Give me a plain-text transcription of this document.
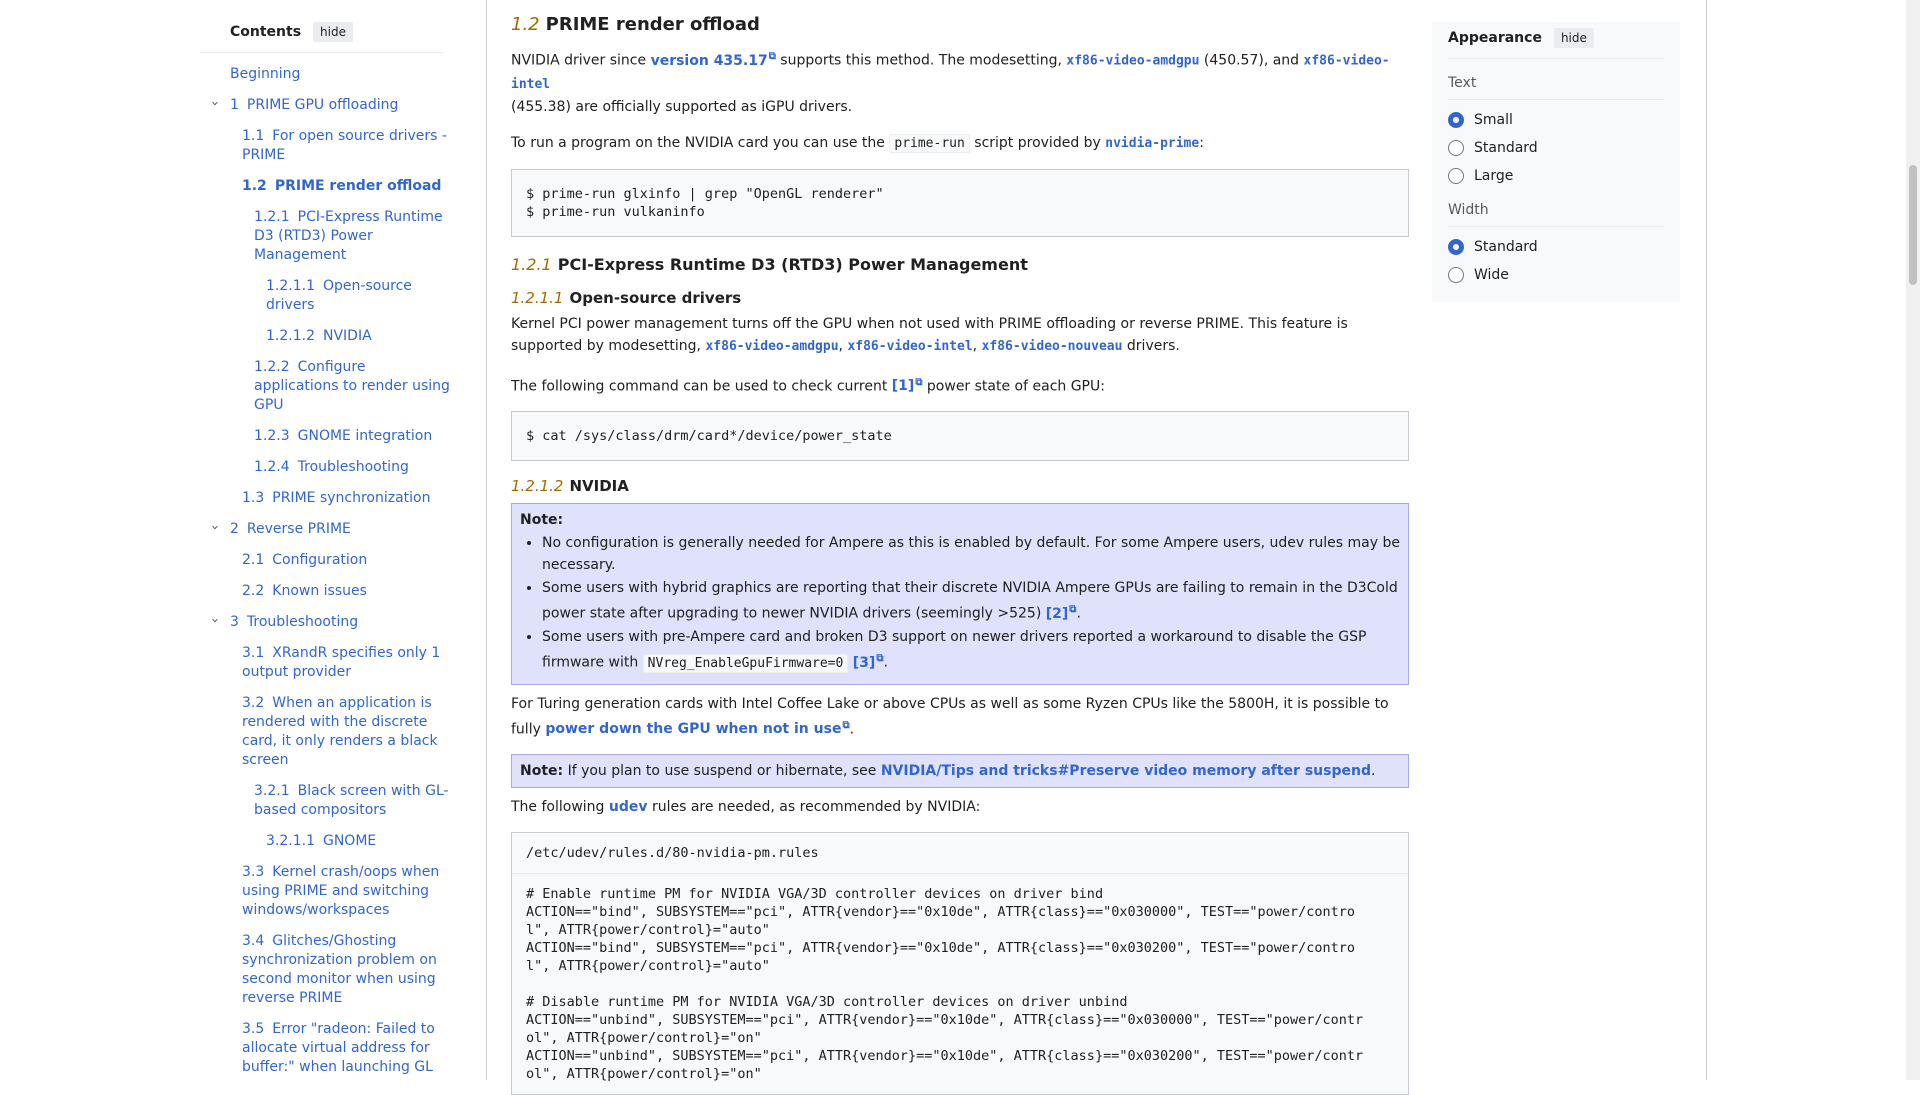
Contents	hide
Beginning
› 1 PRIME GPU offloading
1.1 For open source drivers - PRIME
1.2 PRIME render offload
1.2.1 PCI-Express Runtime D3 (RTD3) Power Management
1.2.1.1 Open-source drivers
1.2.1.2 NVIDIA
1.2.2 Configure applications to render using GPU
1.2.3 GNOME integration
1.2.4 Troubleshooting
1.3 PRIME synchronization
› 2 Reverse PRIME
2.1 Configuration
2.2 Known issues
› 3 Troubleshooting
3.1 XRandR specifies only 1 output provider
3.2 When an application is rendered with the discrete card, it only renders a black screen
3.2.1 Black screen with GL-based compositors
3.2.1.1 GNOME
3.3 Kernel crash/oops when using PRIME and switching windows/workspaces
3.4 Glitches/Ghosting synchronization problem on second monitor when using reverse PRIME
3.5 Error "radeon: Failed to allocate virtual address for buffer:" when launching GL
1.2 PRIME render offload

NVIDIA driver since version 435.17⧉ supports this method. The modesetting, xf86-video-amdgpu (450.57), and xf86-video-intel
(455.38) are officially supported as iGPU drivers.

To run a program on the NVIDIA card you can use the prime-run script provided by nvidia-prime:

$ prime-run glxinfo | grep "OpenGL renderer"
$ prime-run vulkaninfo
1.2.1 PCI-Express Runtime D3 (RTD3) Power Management
1.2.1.1 Open-source drivers

Kernel PCI power management turns off the GPU when not used with PRIME offloading or reverse PRIME. This feature is supported by modesetting, xf86-video-amdgpu, xf86-video-intel, xf86-video-nouveau drivers.

The following command can be used to check current [1]⧉ power state of each GPU:

$ cat /sys/class/drm/card*/device/power_state
1.2.1.2 NVIDIA
Note:
• No configuration is generally needed for Ampere as this is enabled by default. For some Ampere users, udev rules may be necessary.
• Some users with hybrid graphics are reporting that their discrete NVIDIA Ampere GPUs are failing to remain in the D3Cold power state after upgrading to newer NVIDIA drivers (seemingly >525) [2]⧉.
• Some users with pre-Ampere card and broken D3 support on newer drivers reported a workaround to disable the GSP firmware with NVreg_EnableGpuFirmware=0 [3]⧉.

For Turing generation cards with Intel Coffee Lake or above CPUs as well as some Ryzen CPUs like the 5800H, it is possible to fully power down the GPU when not in use⧉.

Note: If you plan to use suspend or hibernate, see NVIDIA/Tips and tricks#Preserve video memory after suspend.

The following udev rules are needed, as recommended by NVIDIA:

/etc/udev/rules.d/80-nvidia-pm.rules
# Enable runtime PM for NVIDIA VGA/3D controller devices on driver bind
ACTION=="bind", SUBSYSTEM=="pci", ATTR{vendor}=="0x10de", ATTR{class}=="0x030000", TEST=="power/contro
l", ATTR{power/control}="auto"
ACTION=="bind", SUBSYSTEM=="pci", ATTR{vendor}=="0x10de", ATTR{class}=="0x030200", TEST=="power/contro
l", ATTR{power/control}="auto"

# Disable runtime PM for NVIDIA VGA/3D controller devices on driver unbind
ACTION=="unbind", SUBSYSTEM=="pci", ATTR{vendor}=="0x10de", ATTR{class}=="0x030000", TEST=="power/contr
ol", ATTR{power/control}="on"
ACTION=="unbind", SUBSYSTEM=="pci", ATTR{vendor}=="0x10de", ATTR{class}=="0x030200", TEST=="power/contr
ol", ATTR{power/control}="on"
Appearance	hide
Text
Small
Standard
Large
Width
Standard
Wide
